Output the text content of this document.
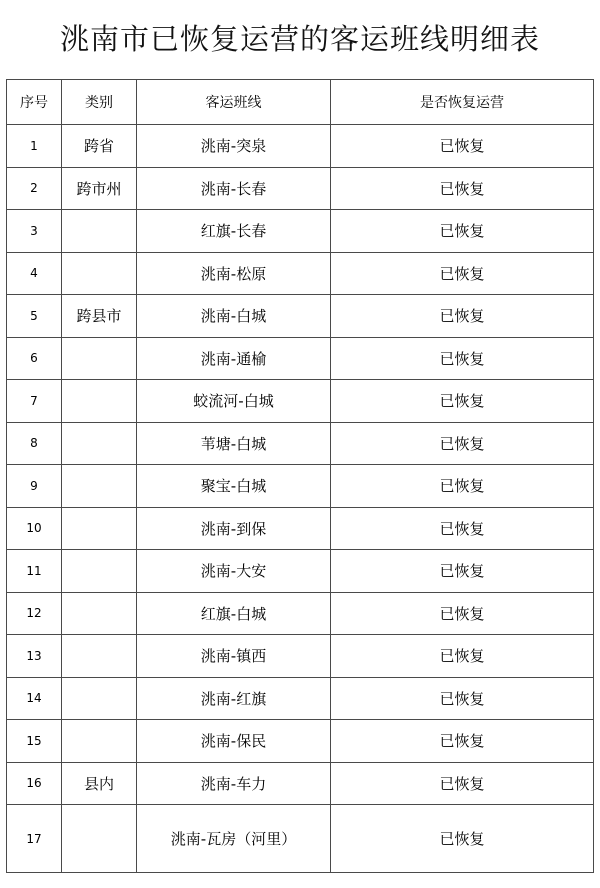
洮南市已恢复运营的客运班线明细表
序号	类别	客运班线	是否恢复运营
1	跨省	洮南-突泉	已恢复
2	跨市州	洮南-长春	已恢复
3		红旗-长春	已恢复
4		洮南-松原	已恢复
5	跨县市	洮南-白城	已恢复
6		洮南-通榆	已恢复
7		蛟流河-白城	已恢复
8		苇塘-白城	已恢复
9		聚宝-白城	已恢复
10		洮南-到保	已恢复
11		洮南-大安	已恢复
12		红旗-白城	已恢复
13		洮南-镇西	已恢复
14		洮南-红旗	已恢复
15		洮南-保民	已恢复
16	县内	洮南-车力	已恢复
17		洮南-瓦房（河里）	已恢复
